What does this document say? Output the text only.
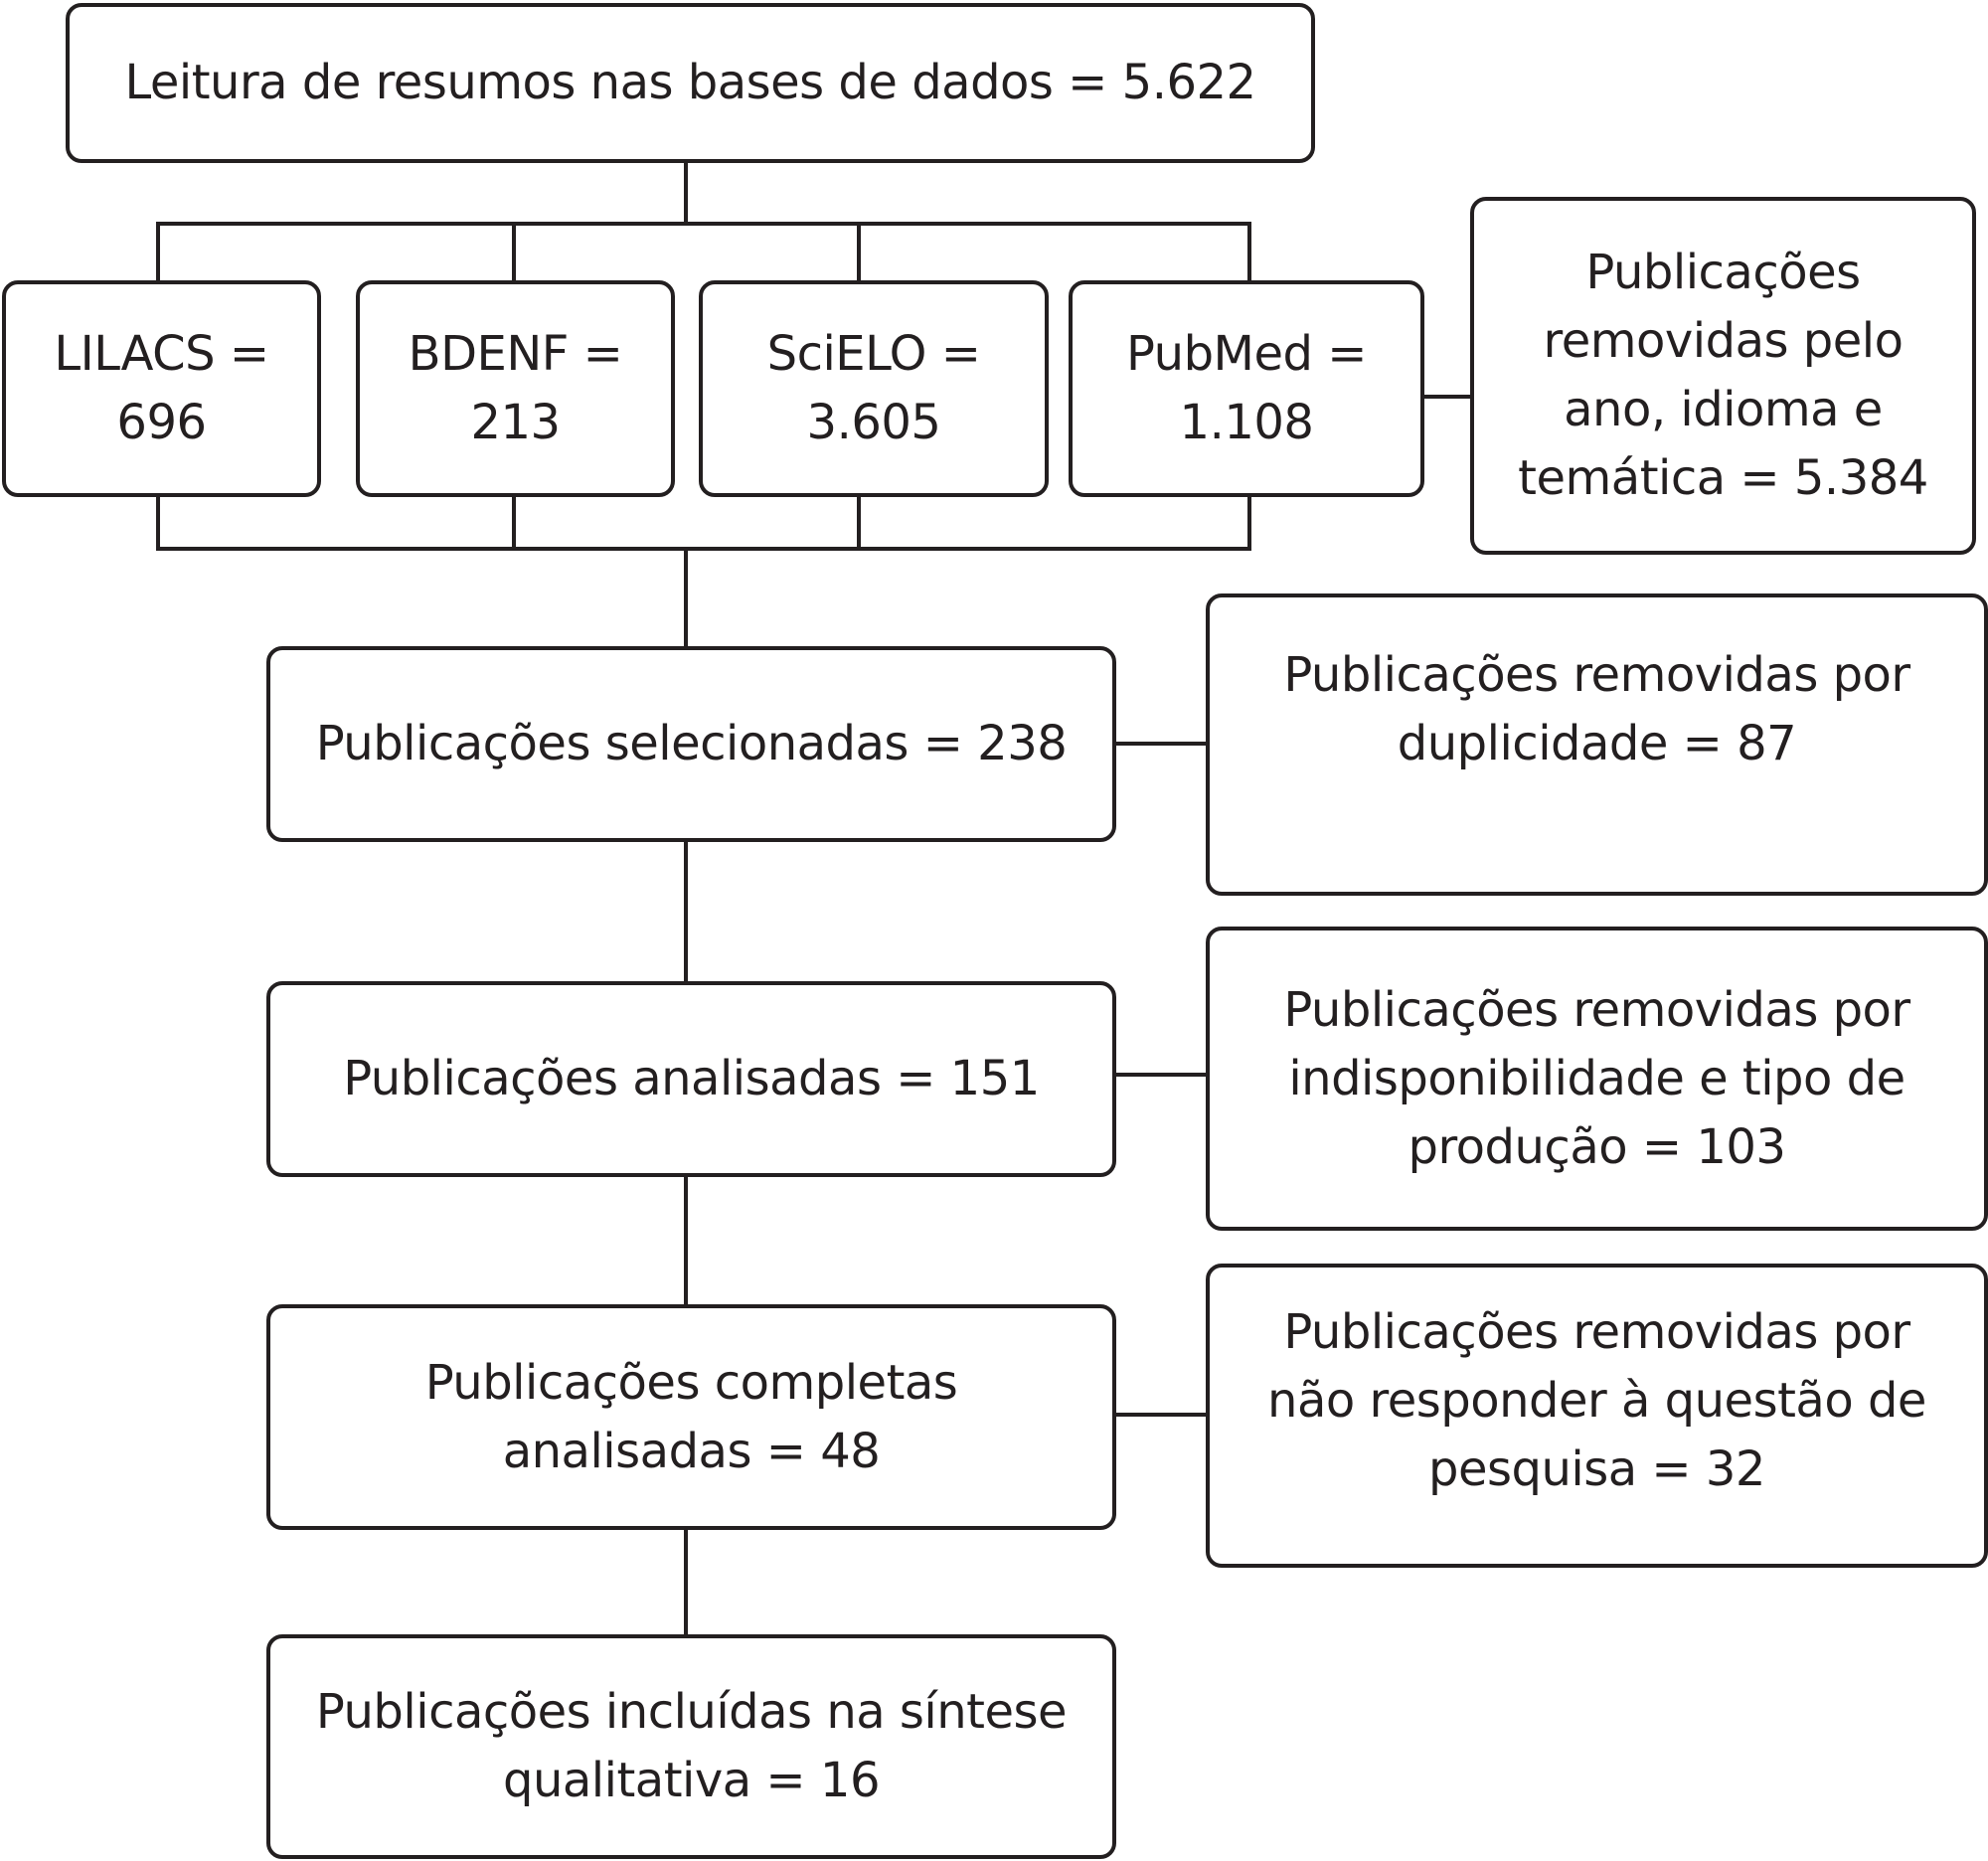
Leitura de resumos nas bases de dados = 5.622
LILACS =
696
BDENF =
213
SciELO =
3.605
PubMed =
1.108
Publicações
removidas pelo
ano, idioma e
temática = 5.384
Publicações removidas por
duplicidade = 87
Publicações removidas por
indisponibilidade e tipo de
produção = 103
Publicações removidas por
não responder à questão de
pesquisa = 32
Publicações selecionadas = 238
Publicações analisadas = 151
Publicações completas
analisadas = 48
Publicações incluídas na síntese
qualitativa = 16
